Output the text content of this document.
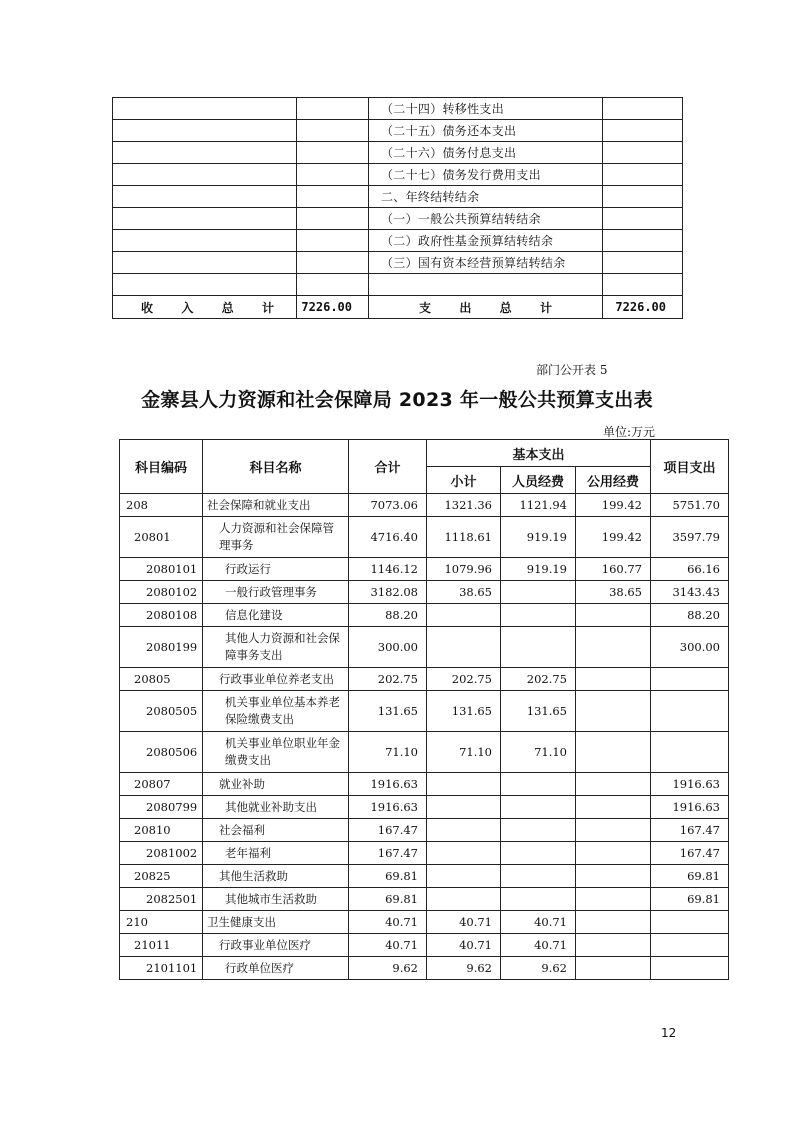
		（二十四）转移性支出	
		（二十五）债务还本支出	
		（二十六）债务付息支出	
		（二十七）债务发行费用支出	
		二、年终结转结余	
		（一）一般公共预算结转结余	
		（二）政府性基金预算结转结余	
		（三）国有资本经营预算结转结余	

收入总计	7226.00	支出总计	7226.00
部门公开表 5
金寨县人力资源和社会保障局 2023 年一般公共预算支出表
单位:万元
科目编码	科目名称	合计	基本支出			项目支出
			小计	人员经费	公用经费	
208	社会保障和就业支出	7073.06	1321.36	1121.94	199.42	5751.70
20801	人力资源和社会保障管理事务	4716.40	1118.61	919.19	199.42	3597.79
2080101	行政运行	1146.12	1079.96	919.19	160.77	66.16
2080102	一般行政管理事务	3182.08	38.65		38.65	3143.43
2080108	信息化建设	88.20				88.20
2080199	其他人力资源和社会保障事务支出	300.00				300.00
20805	行政事业单位养老支出	202.75	202.75	202.75		
2080505	机关事业单位基本养老保险缴费支出	131.65	131.65	131.65		
2080506	机关事业单位职业年金缴费支出	71.10	71.10	71.10		
20807	就业补助	1916.63				1916.63
2080799	其他就业补助支出	1916.63				1916.63
20810	社会福利	167.47				167.47
2081002	老年福利	167.47				167.47
20825	其他生活救助	69.81				69.81
2082501	其他城市生活救助	69.81				69.81
210	卫生健康支出	40.71	40.71	40.71		
21011	行政事业单位医疗	40.71	40.71	40.71		
2101101	行政单位医疗	9.62	9.62	9.62		
12
